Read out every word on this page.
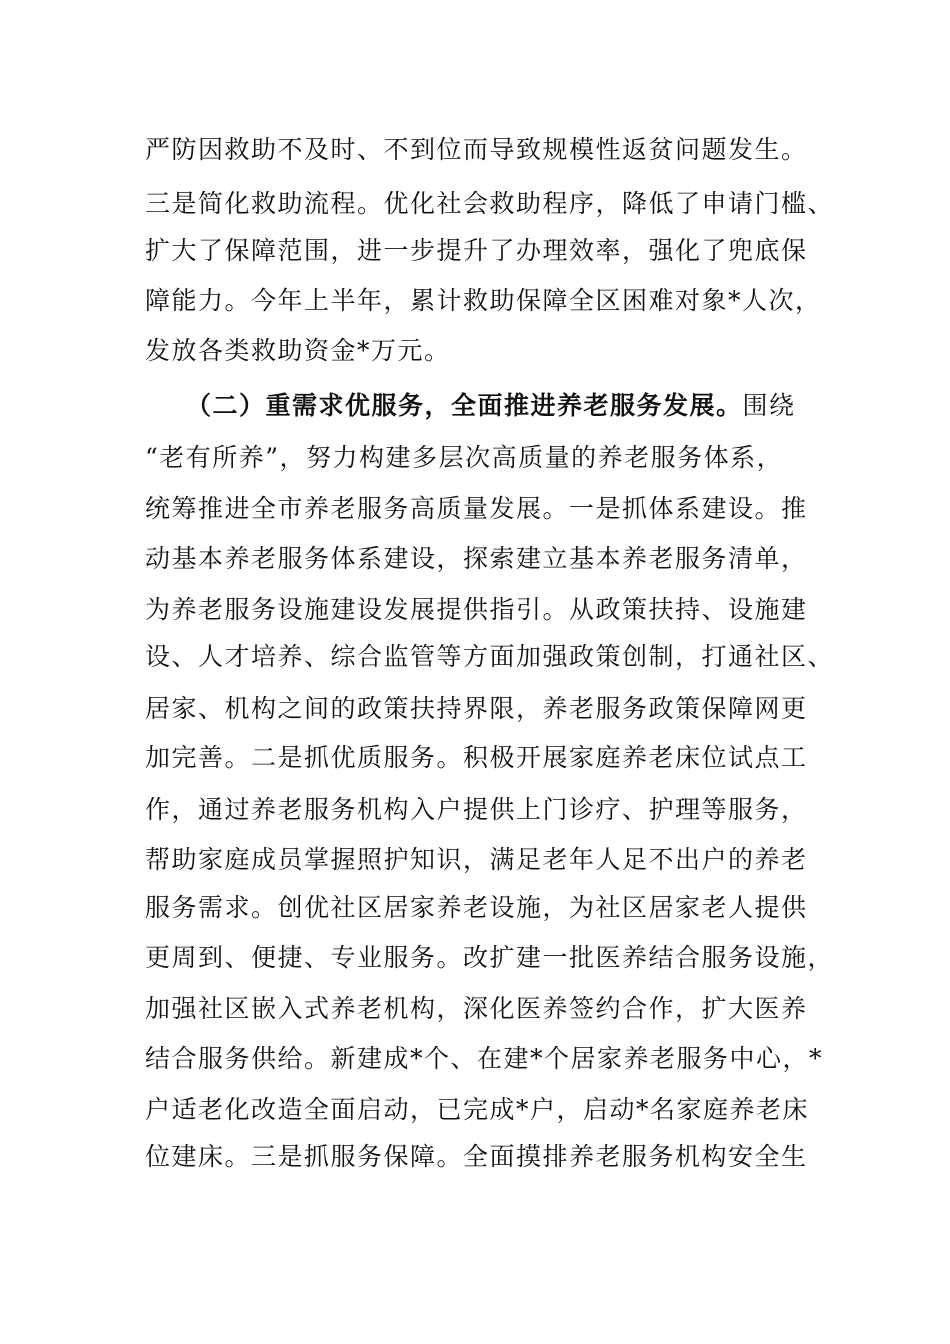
严防因救助不及时、不到位而导致规模性返贫问题发生。
三是简化救助流程。优化社会救助程序，降低了申请门槛、
扩大了保障范围，进一步提升了办理效率，强化了兜底保
障能力。今年上半年，累计救助保障全区困难对象*人次，
发放各类救助资金*万元。
（二）重需求优服务，全面推进养老服务发展。围绕
“老有所养”，努力构建多层次高质量的养老服务体系，
统筹推进全市养老服务高质量发展。一是抓体系建设。推
动基本养老服务体系建设，探索建立基本养老服务清单，
为养老服务设施建设发展提供指引。从政策扶持、设施建
设、人才培养、综合监管等方面加强政策创制，打通社区、
居家、机构之间的政策扶持界限，养老服务政策保障网更
加完善。二是抓优质服务。积极开展家庭养老床位试点工
作，通过养老服务机构入户提供上门诊疗、护理等服务，
帮助家庭成员掌握照护知识，满足老年人足不出户的养老
服务需求。创优社区居家养老设施，为社区居家老人提供
更周到、便捷、专业服务。改扩建一批医养结合服务设施，
加强社区嵌入式养老机构，深化医养签约合作，扩大医养
结合服务供给。新建成*个、在建*个居家养老服务中心，*
户适老化改造全面启动，已完成*户，启动*名家庭养老床
位建床。三是抓服务保障。全面摸排养老服务机构安全生
